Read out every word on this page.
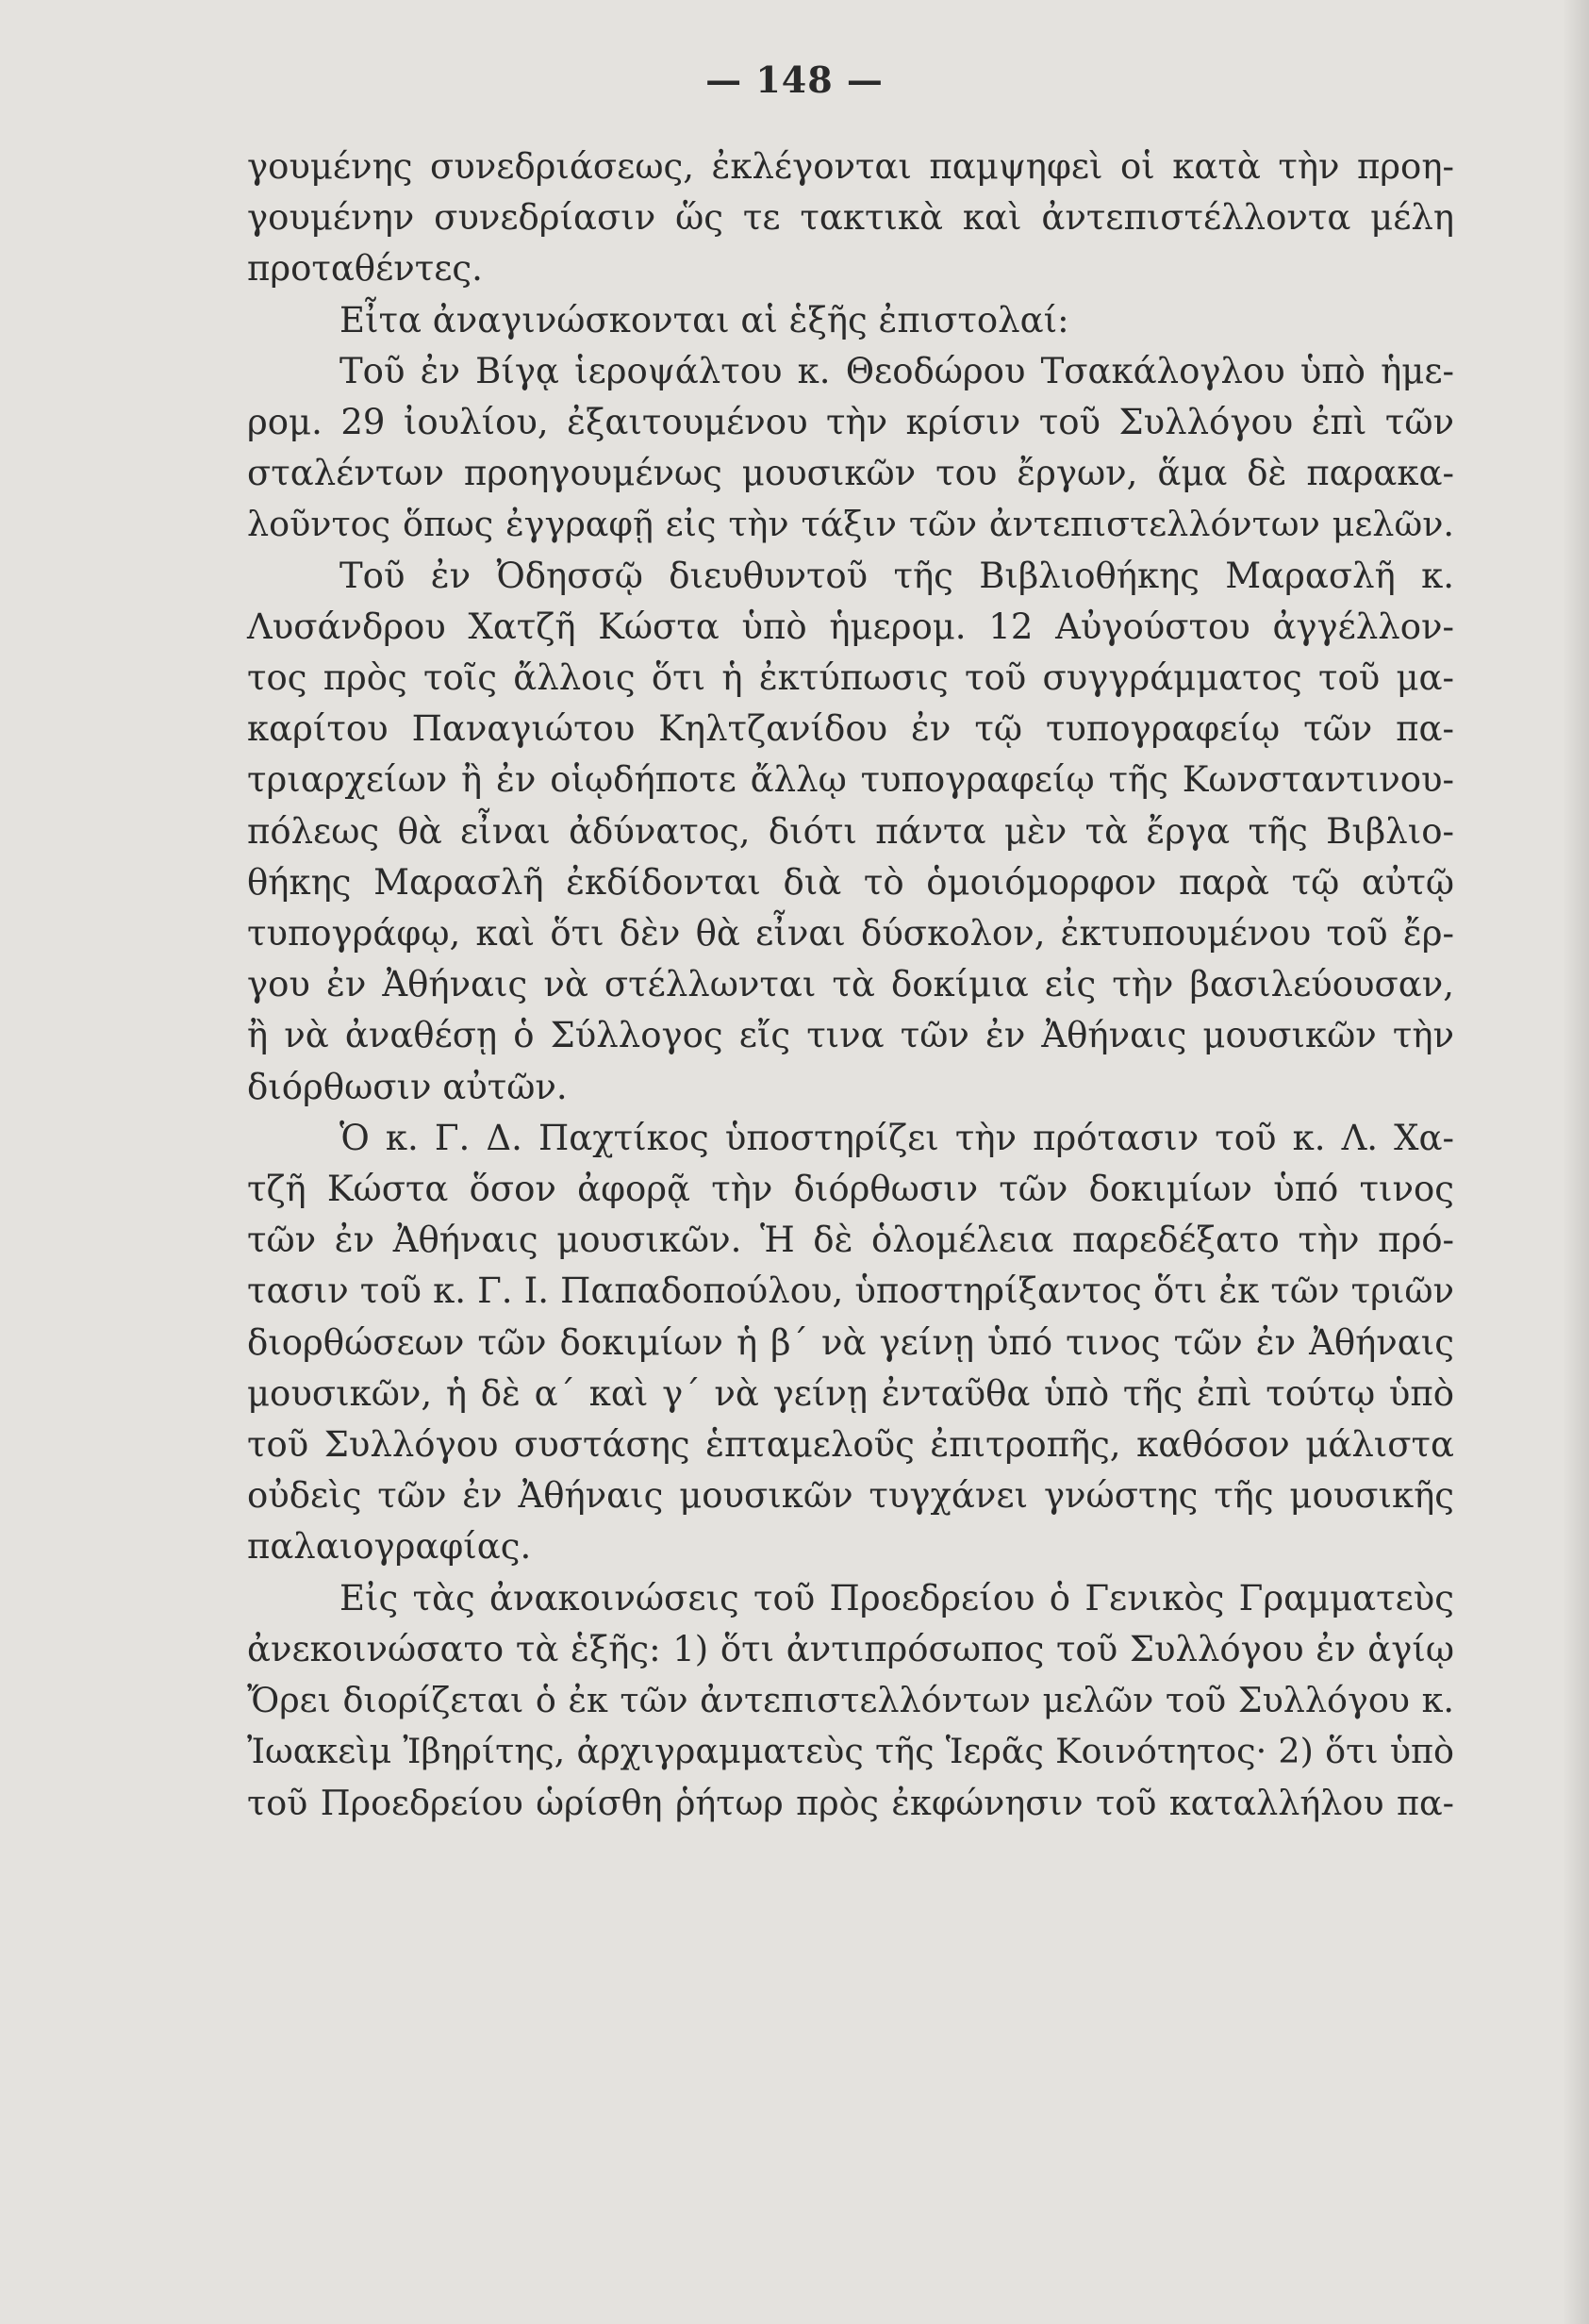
— 148 —
γουμένης συνεδριάσεως, ἐκλέγονται παμψηφεὶ οἱ κατὰ τὴν προη-
γουμένην συνεδρίασιν ὥς τε τακτικὰ καὶ ἀντεπιστέλλοντα μέλη
προταθέντες.
Εἶτα ἀναγινώσκονται αἱ ἑξῆς ἐπιστολαί:
Τοῦ ἐν Βίγᾳ ἱεροψάλτου κ. Θεοδώρου Τσακάλογλου ὑπὸ ἡμε-
ρομ. 29 ἰουλίου, ἐξαιτουμένου τὴν κρίσιν τοῦ Συλλόγου ἐπὶ τῶν
σταλέντων προηγουμένως μουσικῶν του ἔργων, ἅμα δὲ παρακα-
λοῦντος ὅπως ἐγγραφῇ εἰς τὴν τάξιν τῶν ἀντεπιστελλόντων μελῶν.
Τοῦ ἐν Ὀδησσῷ διευθυντοῦ τῆς Βιβλιοθήκης Μαρασλῆ κ.
Λυσάνδρου Χατζῆ Κώστα ὑπὸ ἡμερομ. 12 Αὐγούστου ἀγγέλλον-
τος πρὸς τοῖς ἄλλοις ὅτι ἡ ἐκτύπωσις τοῦ συγγράμματος τοῦ μα-
καρίτου Παναγιώτου Κηλτζανίδου ἐν τῷ τυπογραφείῳ τῶν πα-
τριαρχείων ἢ ἐν οἱῳδήποτε ἄλλῳ τυπογραφείῳ τῆς Κωνσταντινου-
πόλεως θὰ εἶναι ἀδύνατος, διότι πάντα μὲν τὰ ἔργα τῆς Βιβλιο-
θήκης Μαρασλῆ ἐκδίδονται διὰ τὸ ὁμοιόμορφον παρὰ τῷ αὐτῷ
τυπογράφῳ, καὶ ὅτι δὲν θὰ εἶναι δύσκολον, ἐκτυπουμένου τοῦ ἔρ-
γου ἐν Ἀθήναις νὰ στέλλωνται τὰ δοκίμια εἰς τὴν βασιλεύουσαν,
ἢ νὰ ἀναθέσῃ ὁ Σύλλογος εἴς τινα τῶν ἐν Ἀθήναις μουσικῶν τὴν
διόρθωσιν αὐτῶν.
Ὁ κ. Γ. Δ. Παχτίκος ὑποστηρίζει τὴν πρότασιν τοῦ κ. Λ. Χα-
τζῆ Κώστα ὅσον ἀφορᾷ τὴν διόρθωσιν τῶν δοκιμίων ὑπό τινος
τῶν ἐν Ἀθήναις μουσικῶν. Ἡ δὲ ὁλομέλεια παρεδέξατο τὴν πρό-
τασιν τοῦ κ. Γ. Ι. Παπαδοπούλου, ὑποστηρίξαντος ὅτι ἐκ τῶν τριῶν
διορθώσεων τῶν δοκιμίων ἡ β΄ νὰ γείνῃ ὑπό τινος τῶν ἐν Ἀθήναις
μουσικῶν, ἡ δὲ α΄ καὶ γ΄ νὰ γείνῃ ἐνταῦθα ὑπὸ τῆς ἐπὶ τούτῳ ὑπὸ
τοῦ Συλλόγου συστάσης ἑπταμελοῦς ἐπιτροπῆς, καθόσον μάλιστα
οὐδεὶς τῶν ἐν Ἀθήναις μουσικῶν τυγχάνει γνώστης τῆς μουσικῆς
παλαιογραφίας.
Εἰς τὰς ἀνακοινώσεις τοῦ Προεδρείου ὁ Γενικὸς Γραμματεὺς
ἀνεκοινώσατο τὰ ἑξῆς: 1) ὅτι ἀντιπρόσωπος τοῦ Συλλόγου ἐν ἁγίῳ
Ὄρει διορίζεται ὁ ἐκ τῶν ἀντεπιστελλόντων μελῶν τοῦ Συλλόγου κ.
Ἰωακεὶμ Ἰβηρίτης, ἀρχιγραμματεὺς τῆς Ἱερᾶς Κοινότητος· 2) ὅτι ὑπὸ
τοῦ Προεδρείου ὡρίσθη ῥήτωρ πρὸς ἐκφώνησιν τοῦ καταλλήλου πα-
